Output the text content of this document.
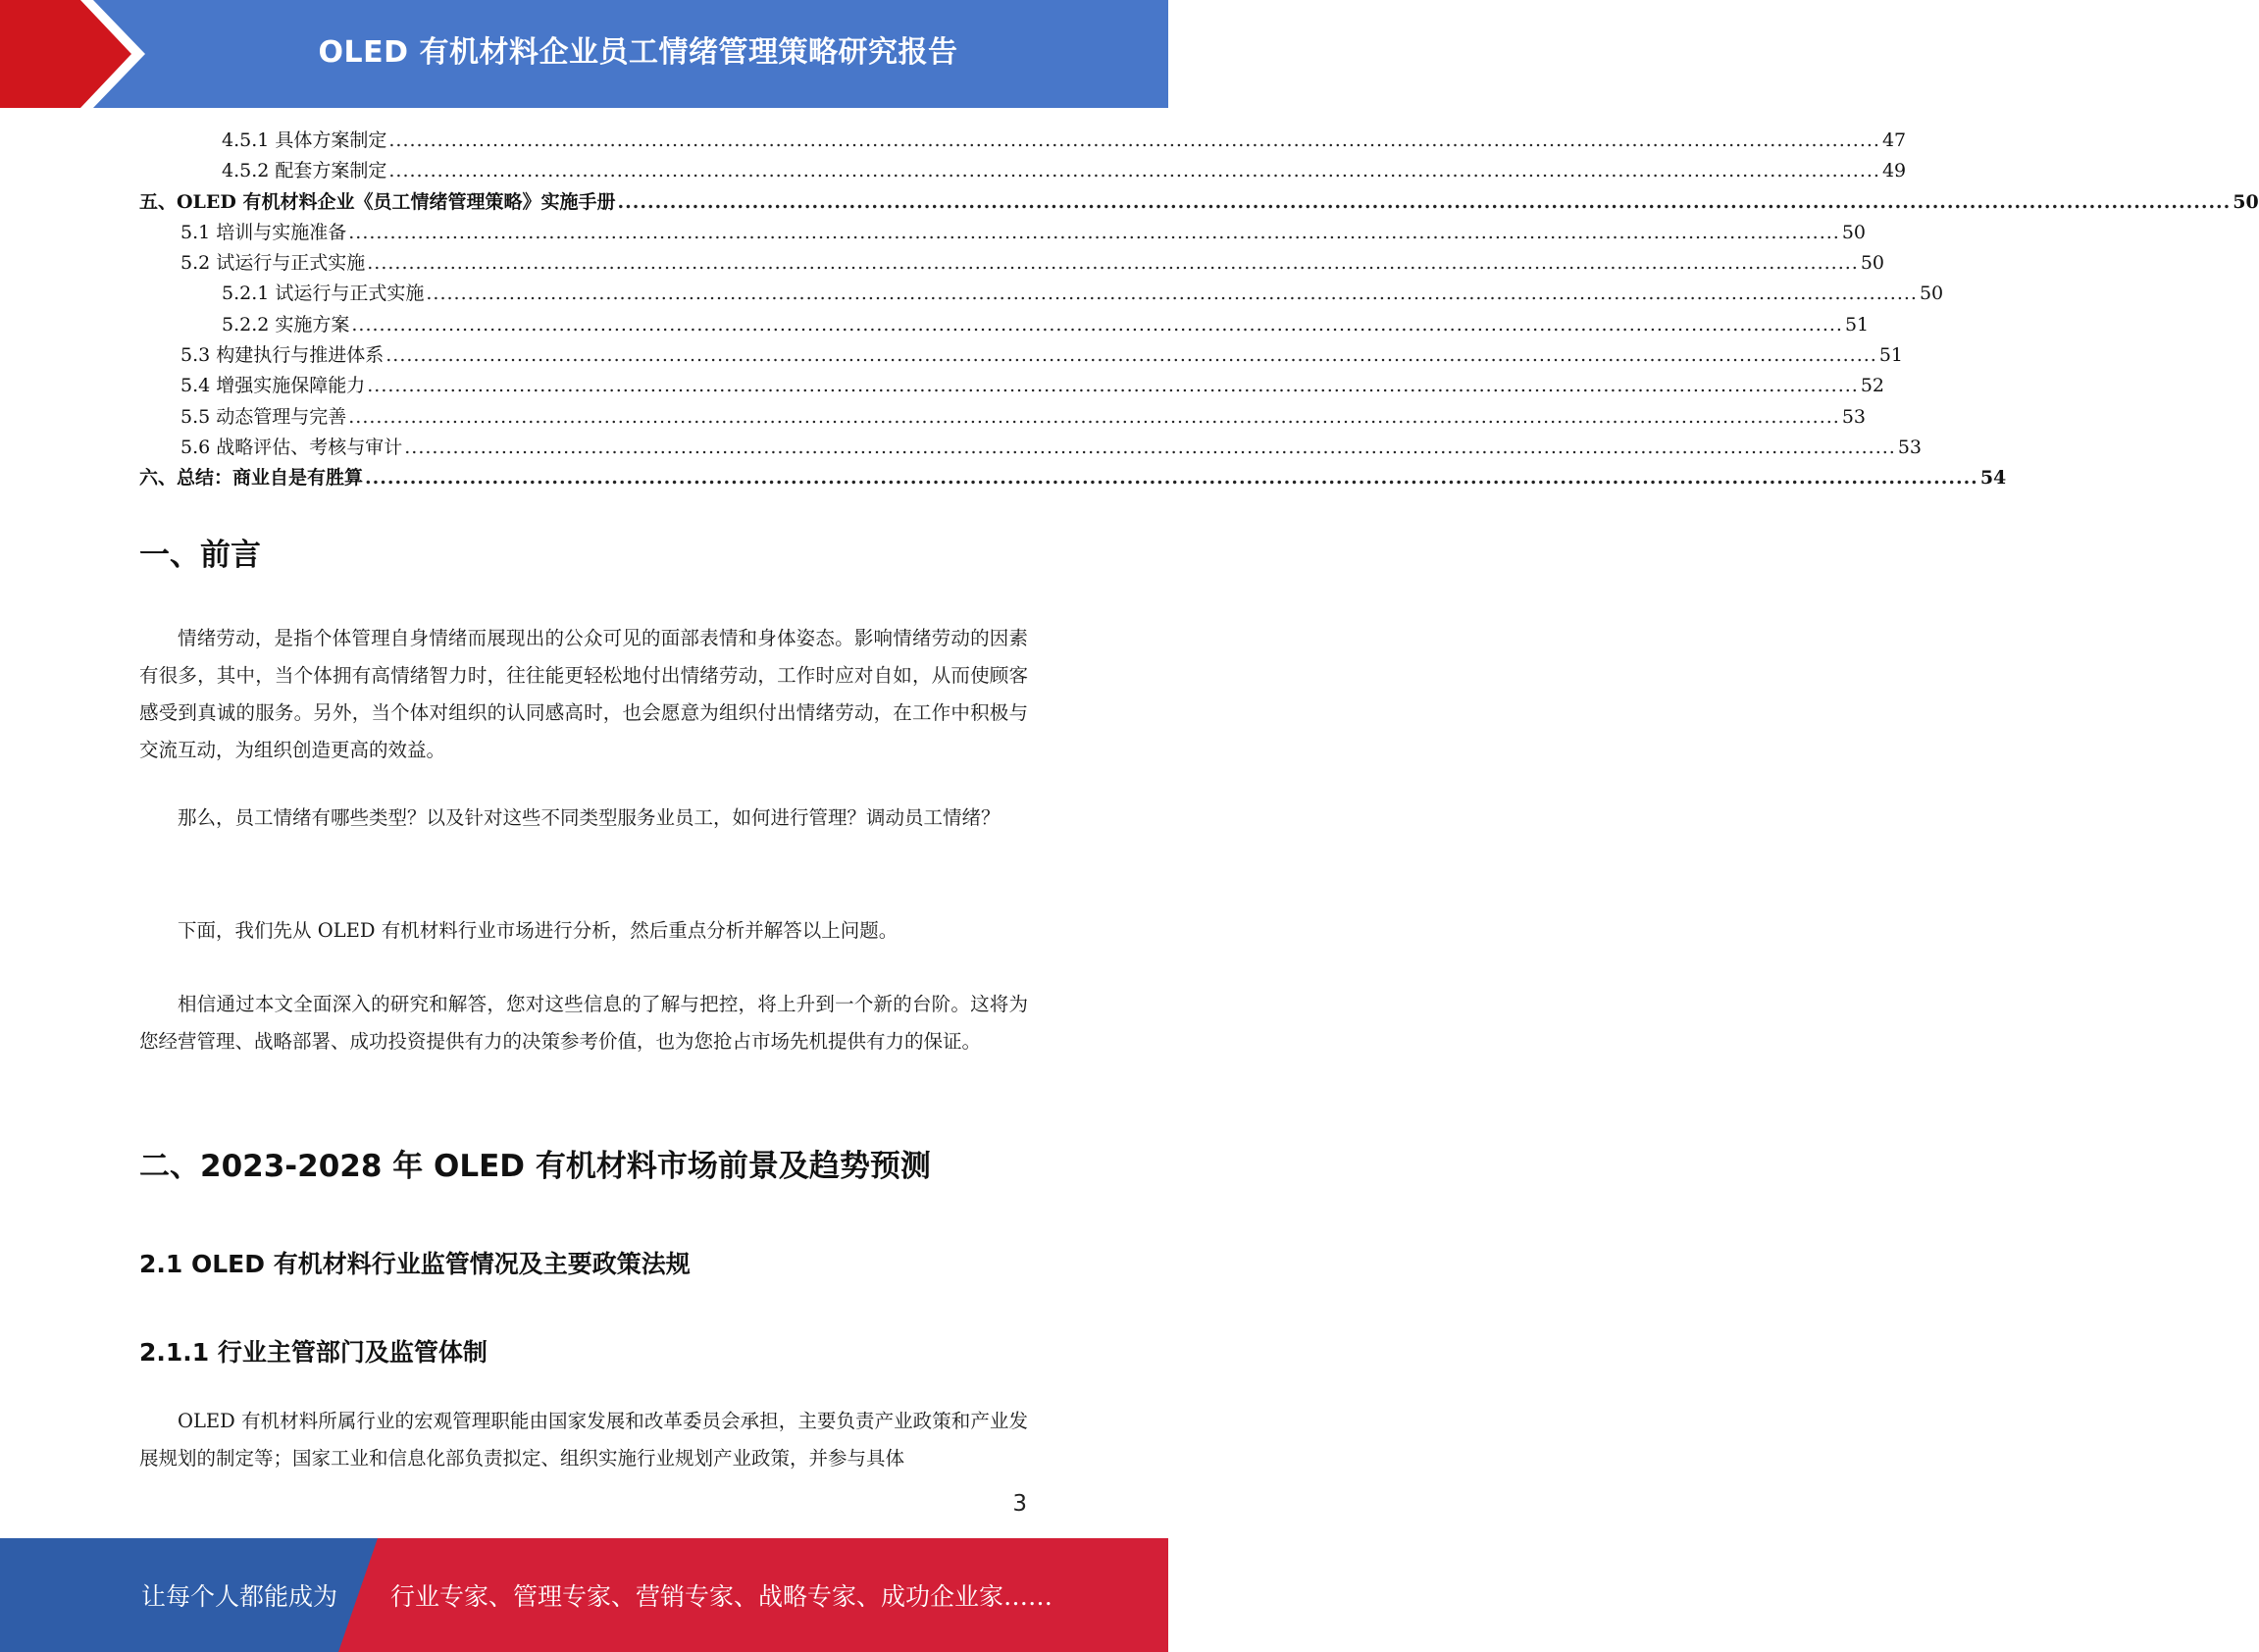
OLED 有机材料企业员工情绪管理策略研究报告
4.5.1 具体方案制定 ........................................................................................................................................................................................................................ 47
4.5.2 配套方案制定 ........................................................................................................................................................................................................................ 49
五、OLED 有机材料企业《员工情绪管理策略》实施手册 ........................................................................................................................................................................................................................ 50
5.1 培训与实施准备 ........................................................................................................................................................................................................................ 50
5.2 试运行与正式实施 ........................................................................................................................................................................................................................ 50
5.2.1 试运行与正式实施 ........................................................................................................................................................................................................................ 50
5.2.2 实施方案 ........................................................................................................................................................................................................................ 51
5.3 构建执行与推进体系 ........................................................................................................................................................................................................................ 51
5.4 增强实施保障能力 ........................................................................................................................................................................................................................ 52
5.5 动态管理与完善 ........................................................................................................................................................................................................................ 53
5.6 战略评估、考核与审计 ........................................................................................................................................................................................................................ 53
六、总结：商业自是有胜算 ........................................................................................................................................................................................................................ 54
一、前言

情绪劳动，是指个体管理自身情绪而展现出的公众可见的面部表情和身体姿态。影响情绪劳动的因素有很多，其中，当个体拥有高情绪智力时，往往能更轻松地付出情绪劳动，工作时应对自如，从而使顾客感受到真诚的服务。另外，当个体对组织的认同感高时，也会愿意为组织付出情绪劳动，在工作中积极与交流互动，为组织创造更高的效益。

那么，员工情绪有哪些类型？以及针对这些不同类型服务业员工，如何进行管理？调动员工情绪？

下面，我们先从 OLED 有机材料行业市场进行分析，然后重点分析并解答以上问题。

相信通过本文全面深入的研究和解答，您对这些信息的了解与把控，将上升到一个新的台阶。这将为您经营管理、战略部署、成功投资提供有力的决策参考价值，也为您抢占市场先机提供有力的保证。

二、2023-2028 年 OLED 有机材料市场前景及趋势预测
2.1 OLED 有机材料行业监管情况及主要政策法规
2.1.1 行业主管部门及监管体制

OLED 有机材料所属行业的宏观管理职能由国家发展和改革委员会承担，主要负责产业政策和产业发展规划的制定等；国家工业和信息化部负责拟定、组织实施行业规划产业政策，并参与具体

3
让每个人都能成为 行业专家、管理专家、营销专家、战略专家、成功企业家……
